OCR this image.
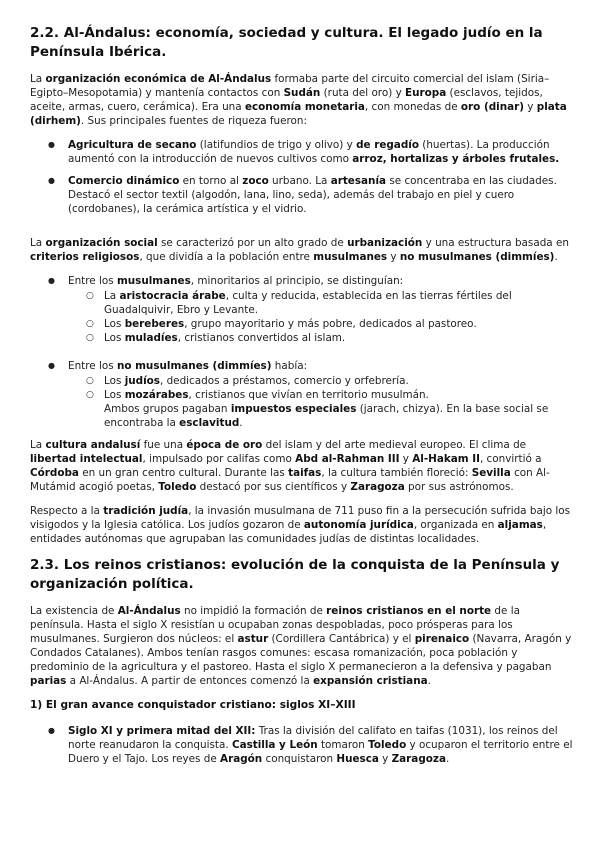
2.2. Al-Ándalus: economía, sociedad y cultura. El legado judío en la Península Ibérica.

La organización económica de Al-Ándalus formaba parte del circuito comercial del islam (Siria–Egipto–Mesopotamia) y mantenía contactos con Sudán (ruta del oro) y Europa (esclavos, tejidos, aceite, armas, cuero, cerámica). Era una economía monetaria, con monedas de oro (dinar) y plata (dirhem). Sus principales fuentes de riqueza fueron:

● Agricultura de secano (latifundios de trigo y olivo) y de regadío (huertas). La producción aumentó con la introducción de nuevos cultivos como arroz, hortalizas y árboles frutales.
● Comercio dinámico en torno al zoco urbano. La artesanía se concentraba en las ciudades. Destacó el sector textil (algodón, lana, lino, seda), además del trabajo en piel y cuero (cordobanes), la cerámica artística y el vidrio.

La organización social se caracterizó por un alto grado de urbanización y una estructura basada en criterios religiosos, que dividía a la población entre musulmanes y no musulmanes (dimmíes).

● Entre los musulmanes, minoritarios al principio, se distinguían:
○ La aristocracia árabe, culta y reducida, establecida en las tierras fértiles del Guadalquivir, Ebro y Levante.
○ Los bereberes, grupo mayoritario y más pobre, dedicados al pastoreo.
○ Los muladíes, cristianos convertidos al islam.
● Entre los no musulmanes (dimmíes) había:
○ Los judíos, dedicados a préstamos, comercio y orfebrería.
○ Los mozárabes, cristianos que vivían en territorio musulmán.
Ambos grupos pagaban impuestos especiales (jarach, chizya). En la base social se encontraba la esclavitud.

La cultura andalusí fue una época de oro del islam y del arte medieval europeo. El clima de libertad intelectual, impulsado por califas como Abd al-Rahman III y Al-Hakam II, convirtió a Córdoba en un gran centro cultural. Durante las taifas, la cultura también floreció: Sevilla con Al-Mutámid acogió poetas, Toledo destacó por sus científicos y Zaragoza por sus astrónomos.

Respecto a la tradición judía, la invasión musulmana de 711 puso fin a la persecución sufrida bajo los visigodos y la Iglesia católica. Los judíos gozaron de autonomía jurídica, organizada en aljamas, entidades autónomas que agrupaban las comunidades judías de distintas localidades.

2.3. Los reinos cristianos: evolución de la conquista de la Península y organización política.

La existencia de Al-Ándalus no impidió la formación de reinos cristianos en el norte de la península. Hasta el siglo X resistían u ocupaban zonas despobladas, poco prósperas para los musulmanes. Surgieron dos núcleos: el astur (Cordillera Cantábrica) y el pirenaico (Navarra, Aragón y Condados Catalanes). Ambos tenían rasgos comunes: escasa romanización, poca población y predominio de la agricultura y el pastoreo. Hasta el siglo X permanecieron a la defensiva y pagaban parias a Al-Ándalus. A partir de entonces comenzó la expansión cristiana.

1) El gran avance conquistador cristiano: siglos XI–XIII
● Siglo XI y primera mitad del XII: Tras la división del califato en taifas (1031), los reinos del norte reanudaron la conquista. Castilla y León tomaron Toledo y ocuparon el territorio entre el Duero y el Tajo. Los reyes de Aragón conquistaron Huesca y Zaragoza.
